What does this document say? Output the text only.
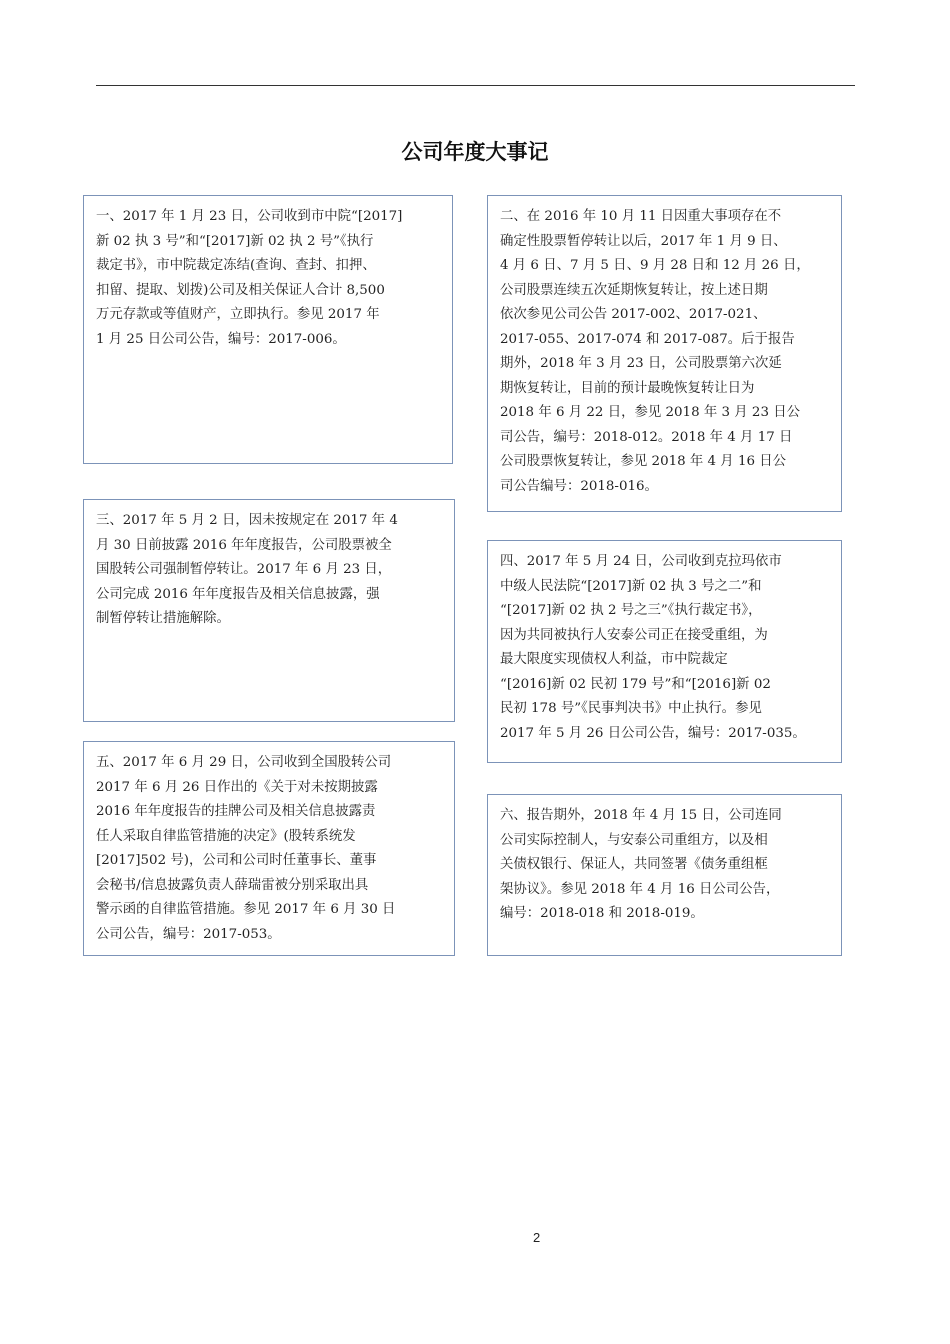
公司年度大事记

一、2017 年 1 月 23 日，公司收到市中院“[2017]
新 02 执 3 号”和“[2017]新 02 执 2 号”《执行
裁定书》，市中院裁定冻结(查询、查封、扣押、
扣留、提取、划拨)公司及相关保证人合计 8,500
万元存款或等值财产，立即执行。参见 2017 年
1 月 25 日公司公告，编号：2017-006。

二、在 2016 年 10 月 11 日因重大事项存在不
确定性股票暂停转让以后，2017 年 1 月 9 日、
4 月 6 日、7 月 5 日、9 月 28 日和 12 月 26 日，
公司股票连续五次延期恢复转让，按上述日期
依次参见公司公告 2017-002、2017-021、
2017-055、2017-074 和 2017-087。后于报告
期外，2018 年 3 月 23 日，公司股票第六次延
期恢复转让，目前的预计最晚恢复转让日为
2018 年 6 月 22 日，参见 2018 年 3 月 23 日公
司公告，编号：2018-012。2018 年 4 月 17 日
公司股票恢复转让，参见 2018 年 4 月 16 日公
司公告编号：2018-016。

三、2017 年 5 月 2 日，因未按规定在 2017 年 4
月 30 日前披露 2016 年年度报告，公司股票被全
国股转公司强制暂停转让。2017 年 6 月 23 日，
公司完成 2016 年年度报告及相关信息披露，强
制暂停转让措施解除。

四、2017 年 5 月 24 日，公司收到克拉玛依市
中级人民法院“[2017]新 02 执 3 号之二”和
“[2017]新 02 执 2 号之三”《执行裁定书》，
因为共同被执行人安泰公司正在接受重组，为
最大限度实现债权人利益，市中院裁定
“[2016]新 02 民初 179 号”和“[2016]新 02
民初 178 号”《民事判决书》中止执行。参见
2017 年 5 月 26 日公司公告，编号：2017-035。

五、2017 年 6 月 29 日，公司收到全国股转公司
2017 年 6 月 26 日作出的《关于对未按期披露
2016 年年度报告的挂牌公司及相关信息披露责
任人采取自律监管措施的决定》(股转系统发
[2017]502 号)，公司和公司时任董事长、董事
会秘书/信息披露负责人薛瑞雷被分别采取出具
警示函的自律监管措施。参见 2017 年 6 月 30 日
公司公告，编号：2017-053。

六、报告期外，2018 年 4 月 15 日，公司连同
公司实际控制人，与安泰公司重组方，以及相
关债权银行、保证人，共同签署《债务重组框
架协议》。参见 2018 年 4 月 16 日公司公告，
编号：2018-018 和 2018-019。

2
